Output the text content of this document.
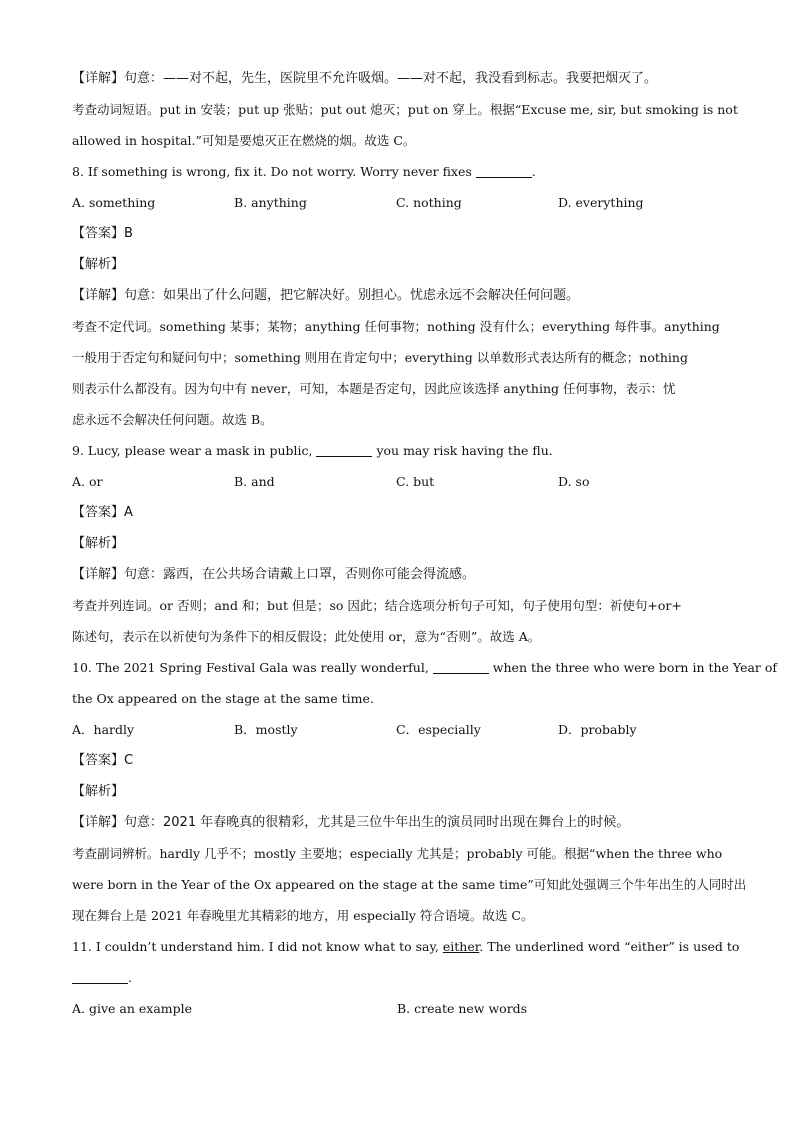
【详解】句意：——对不起，先生，医院里不允许吸烟。——对不起，我没看到标志。我要把烟灭了。
考查动词短语。put in 安装；put up 张贴；put out 熄灭；put on 穿上。根据“Excuse me, sir, but smoking is not
allowed in hospital.”可知是要熄灭正在燃烧的烟。故选 C。
8. If something is wrong, fix it. Do not worry. Worry never fixes	.
A. something	B. anything	C. nothing	D. everything
【答案】B
【解析】
【详解】句意：如果出了什么问题，把它解决好。别担心。忧虑永远不会解决任何问题。
考查不定代词。something 某事；某物；anything 任何事物；nothing 没有什么；everything 每件事。anything
一般用于否定句和疑问句中；something 则用在肯定句中；everything 以单数形式表达所有的概念；nothing
则表示什么都没有。因为句中有 never，可知，本题是否定句，因此应该选择 anything 任何事物，表示：忧
虑永远不会解决任何问题。故选 B。
9. Lucy, please wear a mask in public,	you may risk having the flu.
A. or	B. and	C. but	D. so
【答案】A
【解析】
【详解】句意：露西，在公共场合请戴上口罩，否则你可能会得流感。
考查并列连词。or 否则；and 和；but 但是；so 因此；结合选项分析句子可知，句子使用句型：祈使句+or+
陈述句，表示在以祈使句为条件下的相反假设；此处使用 or，意为“否则”。故选 A。
10. The 2021 Spring Festival Gala was really wonderful,	when the three who were born in the Year of
the Ox appeared on the stage at the same time.
A．hardly	B．mostly	C．especially	D．probably
【答案】C
【解析】
【详解】句意：2021 年春晚真的很精彩，尤其是三位牛年出生的演员同时出现在舞台上的时候。
考查副词辨析。hardly 几乎不；mostly 主要地；especially 尤其是；probably 可能。根据“when the three who
were born in the Year of the Ox appeared on the stage at the same time”可知此处强调三个牛年出生的人同时出
现在舞台上是 2021 年春晚里尤其精彩的地方，用 especially 符合语境。故选 C。
11. I couldn’t understand him. I did not know what to say, either. The underlined word “either” is used to
.
A. give an example	B. create new words
